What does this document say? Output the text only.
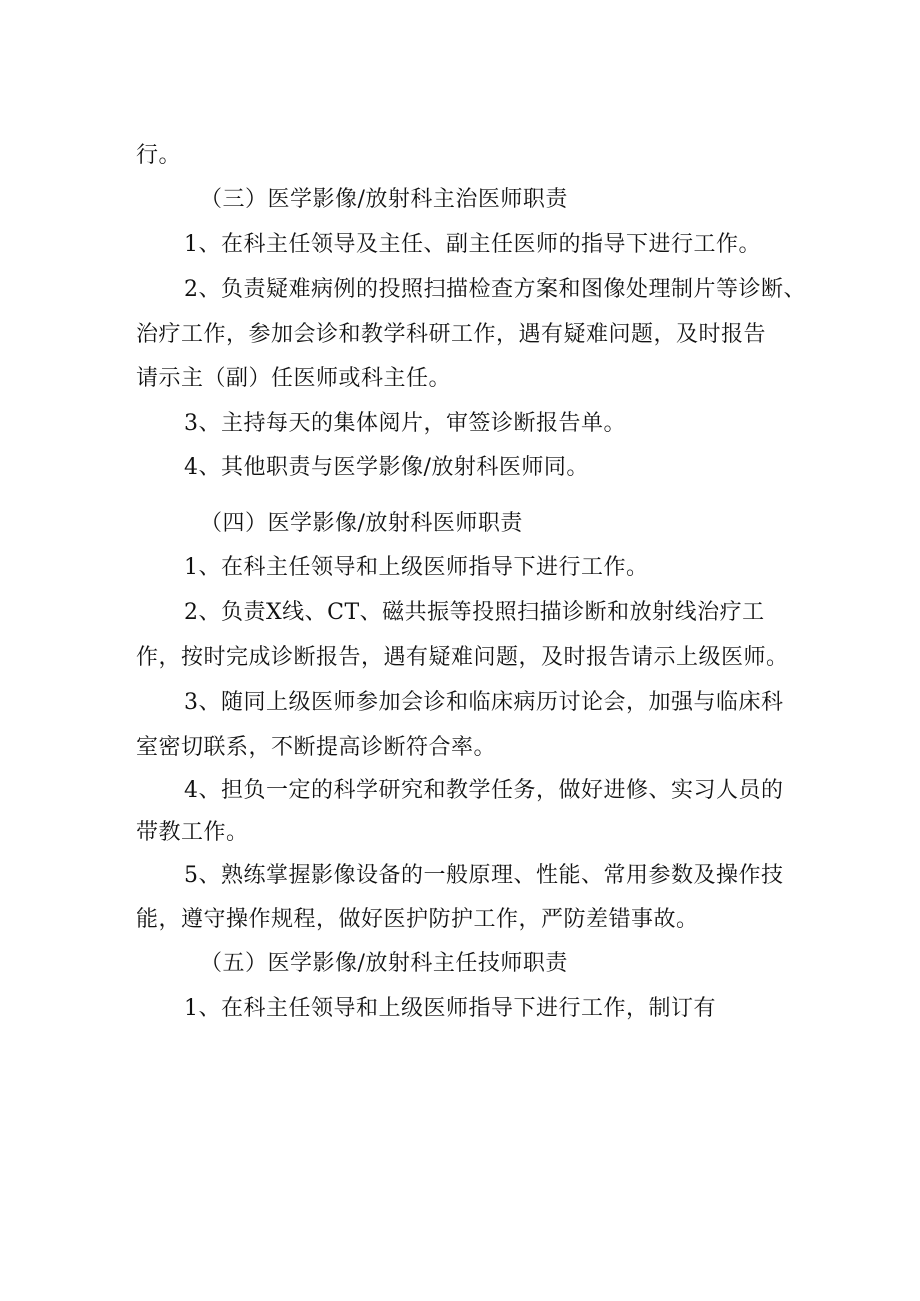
行。
（三）医学影像/放射科主治医师职责
1、在科主任领导及主任、副主任医师的指导下进行工作。
2、负责疑难病例的投照扫描检查方案和图像处理制片等诊断、
治疗工作，参加会诊和教学科研工作，遇有疑难问题，及时报告
请示主（副）任医师或科主任。
3、主持每天的集体阅片，审签诊断报告单。
4、其他职责与医学影像/放射科医师同。
（四）医学影像/放射科医师职责
1、在科主任领导和上级医师指导下进行工作。
2、负责X线、CT、磁共振等投照扫描诊断和放射线治疗工
作，按时完成诊断报告，遇有疑难问题，及时报告请示上级医师。
3、随同上级医师参加会诊和临床病历讨论会，加强与临床科
室密切联系，不断提高诊断符合率。
4、担负一定的科学研究和教学任务，做好进修、实习人员的
带教工作。
5、熟练掌握影像设备的一般原理、性能、常用参数及操作技
能，遵守操作规程，做好医护防护工作，严防差错事故。
（五）医学影像/放射科主任技师职责
1、在科主任领导和上级医师指导下进行工作，制订有
